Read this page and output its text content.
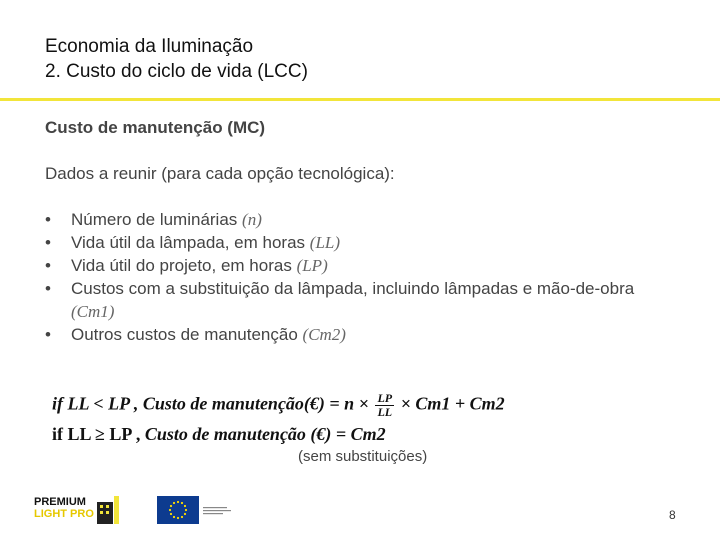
Economia da Iluminação
2. Custo do ciclo de vida (LCC)
Custo de manutenção (MC)
Dados a reunir (para cada opção tecnológica):
• Número de luminárias (n)
• Vida útil da lâmpada, em horas (LL)
• Vida útil do projeto, em horas (LP)
• Custos com a substituição da lâmpada, incluindo lâmpadas e mão-de-obra (Cm1)
• Outros custos de manutenção (Cm2)
if LL < LP , Custo de manutenção(€) = $n \times \frac{LP}{LL} \times Cm1 + Cm2$
if LL ≥ LP , Custo de manutenção (€) = Cm2
(sem substituições)
PREMIUM
LIGHT PRO	8
